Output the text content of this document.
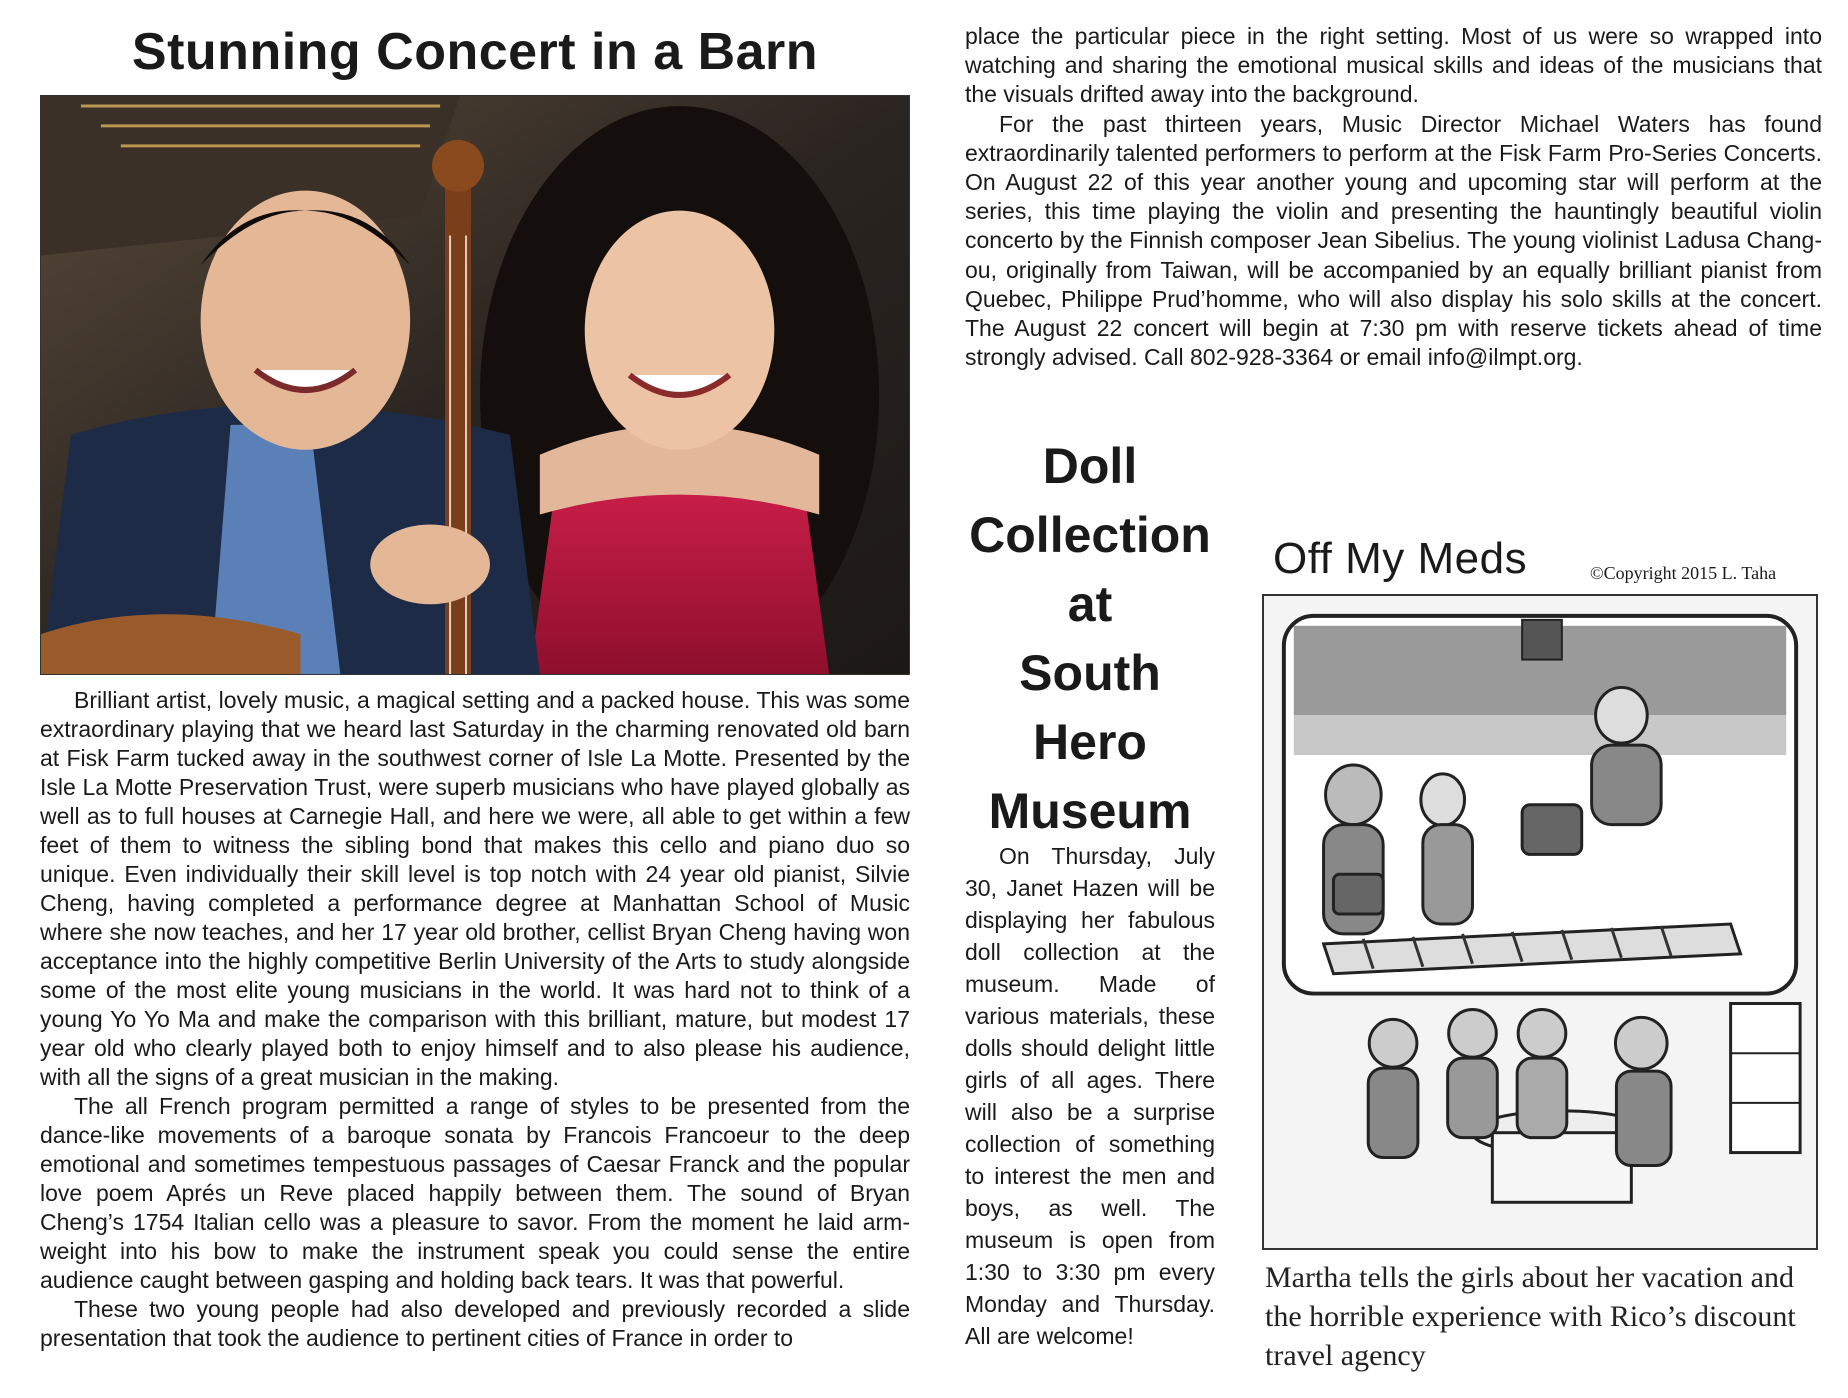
Stunning Concert in a Barn

Brilliant artist, lovely music, a magical setting and a packed house. This was some extraordinary playing that we heard last Saturday in the charming renovated old barn at Fisk Farm tucked away in the southwest corner of Isle La Motte. Presented by the Isle La Motte Preservation Trust, were superb musicians who have played globally as well as to full houses at Carnegie Hall, and here we were, all able to get within a few feet of them to witness the sibling bond that makes this cello and piano duo so unique. Even individually their skill level is top notch with 24 year old pianist, Silvie Cheng, having completed a performance degree at Manhattan School of Music where she now teaches, and her 17 year old brother, cellist Bryan Cheng having won acceptance into the highly competitive Berlin University of the Arts to study alongside some of the most elite young musicians in the world. It was hard not to think of a young Yo Yo Ma and make the comparison with this brilliant, mature, but modest 17 year old who clearly played both to enjoy himself and to also please his audience, with all the signs of a great musician in the making.

The all French program permitted a range of styles to be presented from the dance-like movements of a baroque sonata by Francois Francoeur to the deep emotional and sometimes tempestuous passages of Caesar Franck and the popular love poem Aprés un Reve placed happily between them. The sound of Bryan Cheng’s 1754 Italian cello was a pleasure to savor. From the moment he laid arm-weight into his bow to make the instrument speak you could sense the entire audience caught between gasping and holding back tears. It was that powerful.

These two young people had also developed and previously recorded a slide presentation that took the audience to pertinent cities of France in order to

place the particular piece in the right setting. Most of us were so wrapped into watching and sharing the emotional musical skills and ideas of the musicians that the visuals drifted away into the background.

For the past thirteen years, Music Director Michael Waters has found extraordinarily talented performers to perform at the Fisk Farm Pro-Series Concerts. On August 22 of this year another young and upcoming star will perform at the series, this time playing the violin and presenting the hauntingly beautiful violin concerto by the Finnish composer Jean Sibelius. The young violinist Ladusa Chang-ou, originally from Taiwan, will be accompanied by an equally brilliant pianist from Quebec, Philippe Prud’homme, who will also display his solo skills at the concert. The August 22 concert will begin at 7:30 pm with reserve tickets ahead of time strongly advised. Call 802-928-3364 or email info@ilmpt.org.

Doll
Collection
at
South
Hero
Museum

On Thursday, July 30, Janet Hazen will be displaying her fabulous doll collection at the museum. Made of various materials, these dolls should delight little girls of all ages. There will also be a surprise collection of something to interest the men and boys, as well. The museum is open from 1:30 to 3:30 pm every Monday and Thursday. All are welcome!

Off My Meds	©Copyright 2015 L. Taha
Martha tells the girls about her vacation and the horrible experience with Rico’s discount travel agency
